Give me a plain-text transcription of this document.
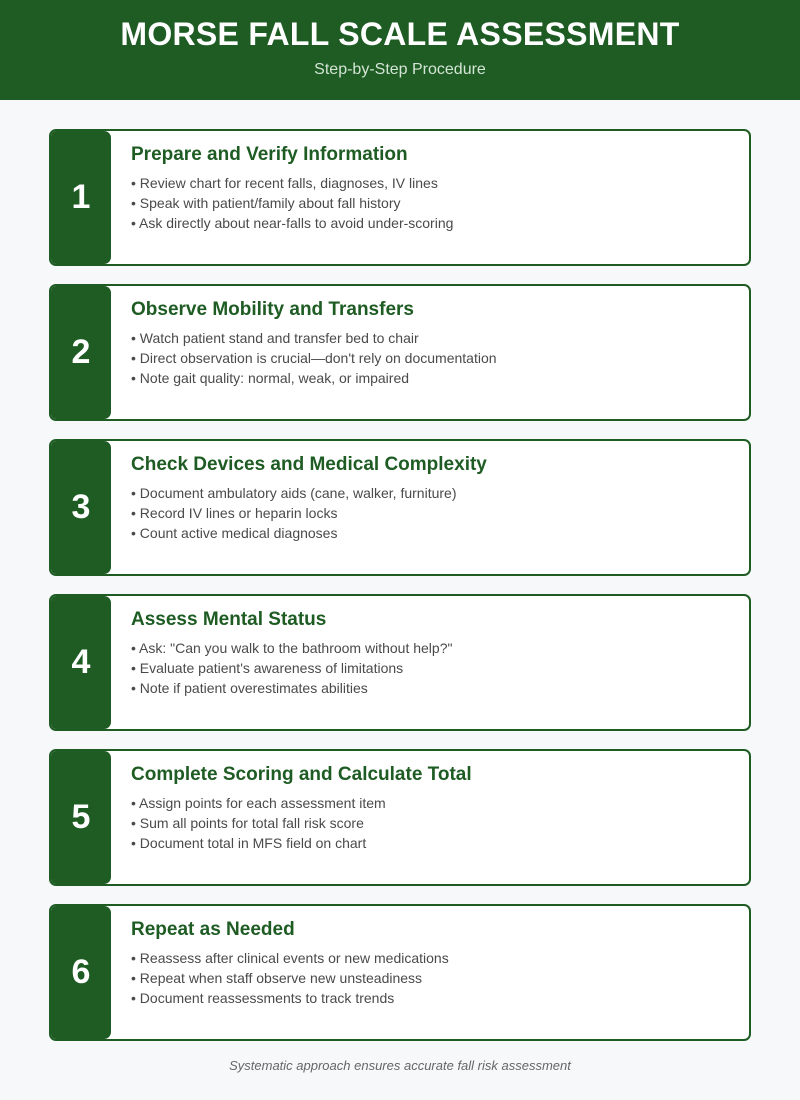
MORSE FALL SCALE ASSESSMENT
Step-by-Step Procedure
1
Prepare and Verify Information
• Review chart for recent falls, diagnoses, IV lines
• Speak with patient/family about fall history
• Ask directly about near-falls to avoid under-scoring
2
Observe Mobility and Transfers
• Watch patient stand and transfer bed to chair
• Direct observation is crucial—don't rely on documentation
• Note gait quality: normal, weak, or impaired
3
Check Devices and Medical Complexity
• Document ambulatory aids (cane, walker, furniture)
• Record IV lines or heparin locks
• Count active medical diagnoses
4
Assess Mental Status
• Ask: "Can you walk to the bathroom without help?"
• Evaluate patient's awareness of limitations
• Note if patient overestimates abilities
5
Complete Scoring and Calculate Total
• Assign points for each assessment item
• Sum all points for total fall risk score
• Document total in MFS field on chart
6
Repeat as Needed
• Reassess after clinical events or new medications
• Repeat when staff observe new unsteadiness
• Document reassessments to track trends
Systematic approach ensures accurate fall risk assessment
